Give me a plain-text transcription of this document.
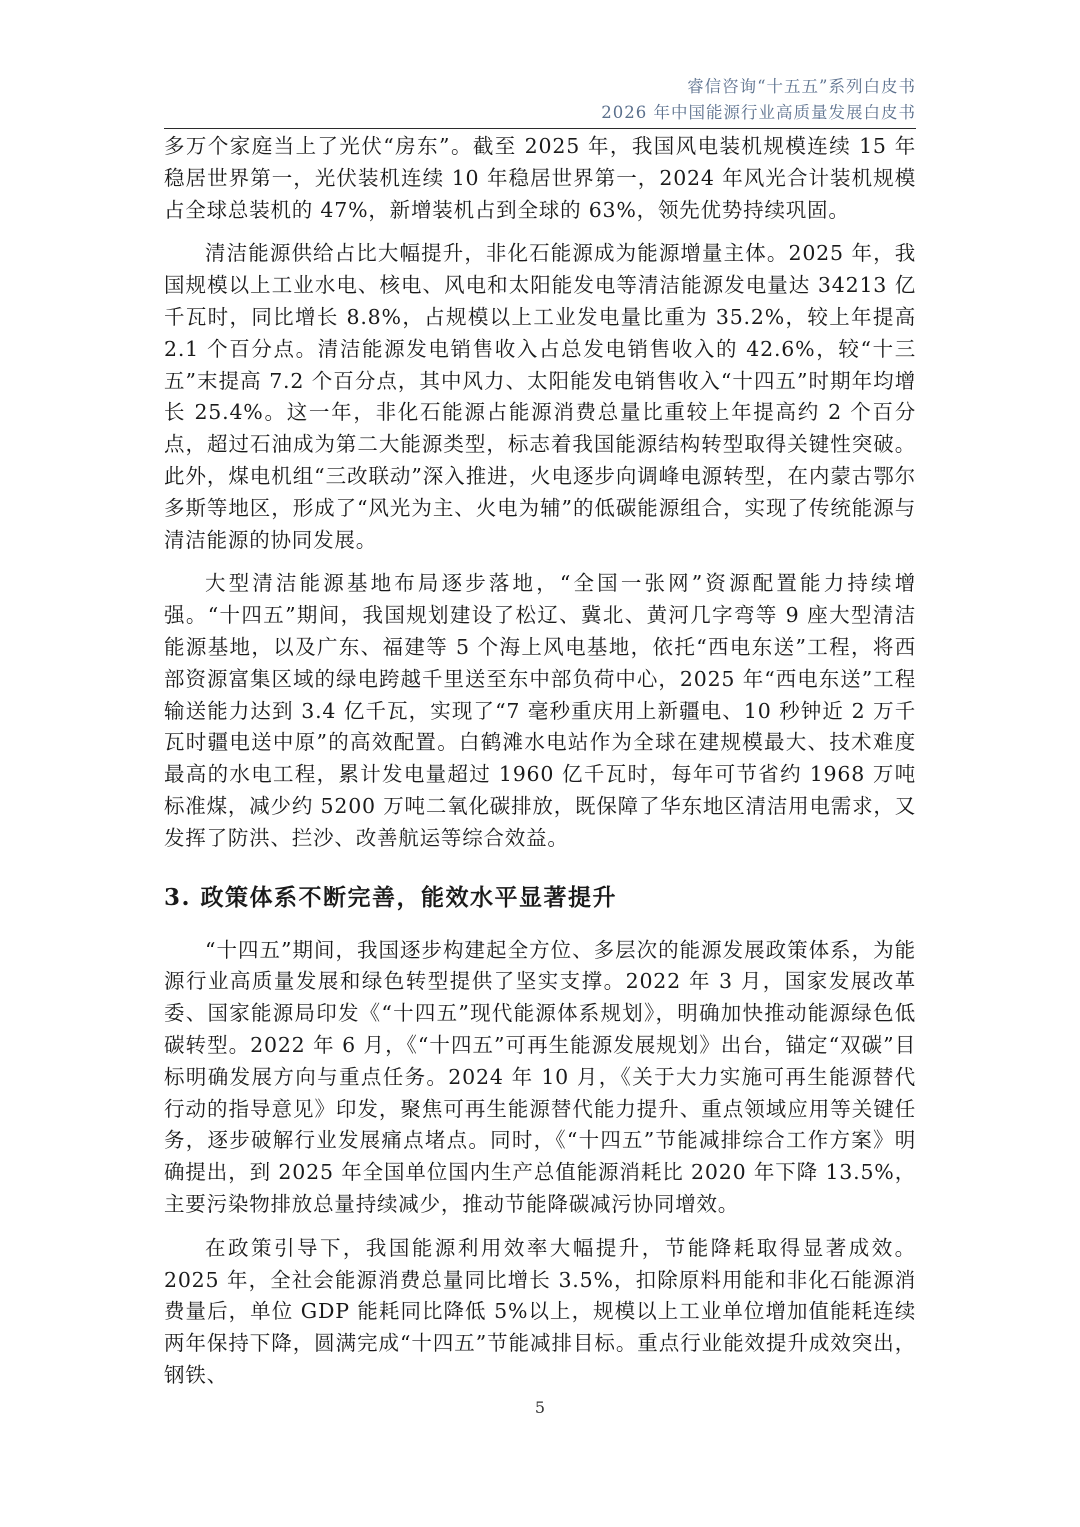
睿信咨询“十五五”系列白皮书
2026 年中国能源行业高质量发展白皮书

多万个家庭当上了光伏“房东”。截至 2025 年，我国风电装机规模连续 15 年稳居世界第一，光伏装机连续 10 年稳居世界第一，2024 年风光合计装机规模占全球总装机的 47%，新增装机占到全球的 63%，领先优势持续巩固。

清洁能源供给占比大幅提升，非化石能源成为能源增量主体。2025 年，我国规模以上工业水电、核电、风电和太阳能发电等清洁能源发电量达 34213 亿千瓦时，同比增长 8.8%，占规模以上工业发电量比重为 35.2%，较上年提高 2.1 个百分点。清洁能源发电销售收入占总发电销售收入的 42.6%，较“十三五”末提高 7.2 个百分点，其中风力、太阳能发电销售收入“十四五”时期年均增长 25.4%。这一年，非化石能源占能源消费总量比重较上年提高约 2 个百分点，超过石油成为第二大能源类型，标志着我国能源结构转型取得关键性突破。此外，煤电机组“三改联动”深入推进，火电逐步向调峰电源转型，在内蒙古鄂尔多斯等地区，形成了“风光为主、火电为辅”的低碳能源组合，实现了传统能源与清洁能源的协同发展。

大型清洁能源基地布局逐步落地，“全国一张网”资源配置能力持续增强。“十四五”期间，我国规划建设了松辽、冀北、黄河几字弯等 9 座大型清洁能源基地，以及广东、福建等 5 个海上风电基地，依托“西电东送”工程，将西部资源富集区域的绿电跨越千里送至东中部负荷中心，2025 年“西电东送”工程输送能力达到 3.4 亿千瓦，实现了“7 毫秒重庆用上新疆电、10 秒钟近 2 万千瓦时疆电送中原”的高效配置。白鹤滩水电站作为全球在建规模最大、技术难度最高的水电工程，累计发电量超过 1960 亿千瓦时，每年可节省约 1968 万吨标准煤，减少约 5200 万吨二氧化碳排放，既保障了华东地区清洁用电需求，又发挥了防洪、拦沙、改善航运等综合效益。

3. 政策体系不断完善，能效水平显著提升

“十四五”期间，我国逐步构建起全方位、多层次的能源发展政策体系，为能源行业高质量发展和绿色转型提供了坚实支撑。2022 年 3 月，国家发展改革委、国家能源局印发《“十四五”现代能源体系规划》，明确加快推动能源绿色低碳转型。2022 年 6 月，《“十四五”可再生能源发展规划》出台，锚定“双碳”目标明确发展方向与重点任务。2024 年 10 月，《关于大力实施可再生能源替代行动的指导意见》印发，聚焦可再生能源替代能力提升、重点领域应用等关键任务，逐步破解行业发展痛点堵点。同时，《“十四五”节能减排综合工作方案》明确提出，到 2025 年全国单位国内生产总值能源消耗比 2020 年下降 13.5%，主要污染物排放总量持续减少，推动节能降碳减污协同增效。

在政策引导下，我国能源利用效率大幅提升，节能降耗取得显著成效。2025 年，全社会能源消费总量同比增长 3.5%，扣除原料用能和非化石能源消费量后，单位 GDP 能耗同比降低 5%以上，规模以上工业单位增加值能耗连续两年保持下降，圆满完成“十四五”节能减排目标。重点行业能效提升成效突出，钢铁、

5
